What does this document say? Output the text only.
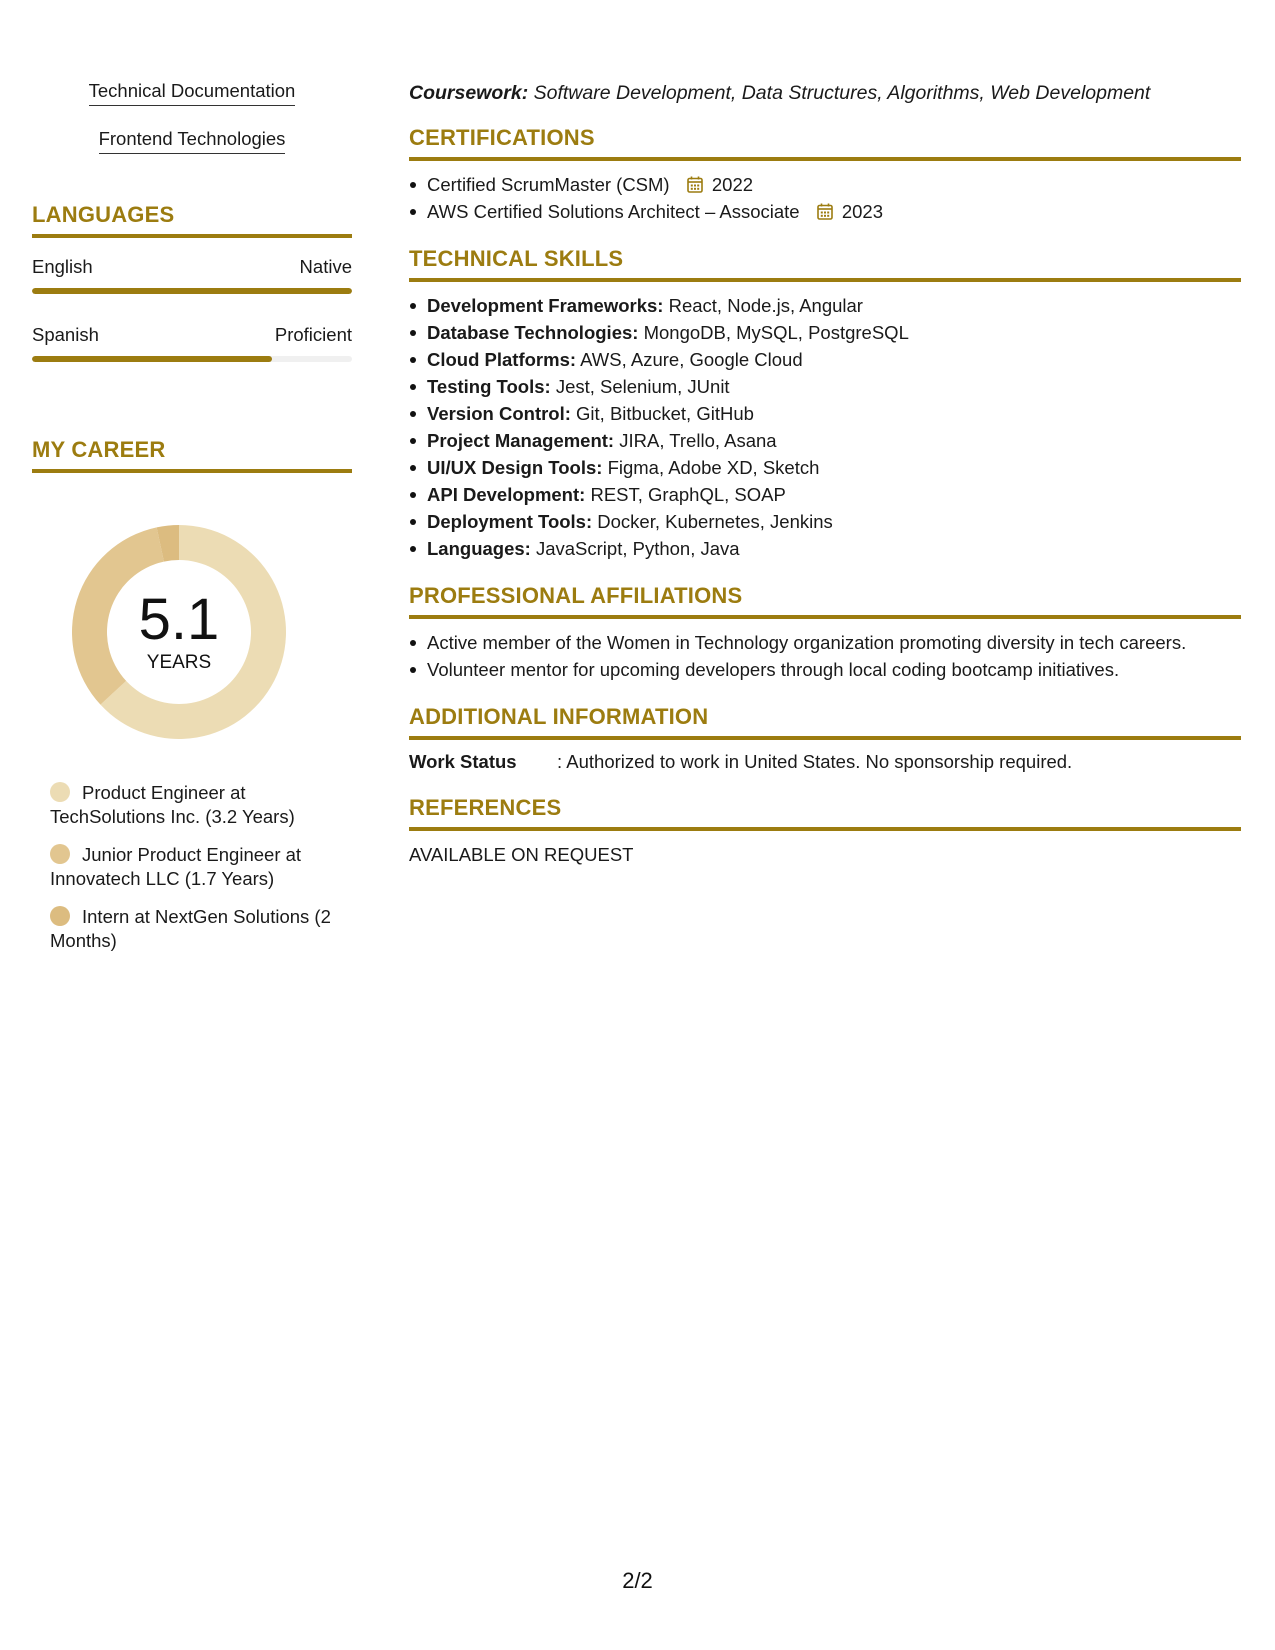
Technical Documentation
Frontend Technologies
LANGUAGES
English	Native
Spanish	Proficient
MY CAREER
5.1
YEARS
Product Engineer at TechSolutions Inc. (3.2 Years)
Junior Product Engineer at Innovatech LLC (1.7 Years)
Intern at NextGen Solutions (2 Months)
Coursework: Software Development, Data Structures, Algorithms, Web Development
CERTIFICATIONS
Certified ScrumMaster (CSM) 2022
AWS Certified Solutions Architect – Associate 2023
TECHNICAL SKILLS
Development Frameworks: React, Node.js, Angular
Database Technologies: MongoDB, MySQL, PostgreSQL
Cloud Platforms: AWS, Azure, Google Cloud
Testing Tools: Jest, Selenium, JUnit
Version Control: Git, Bitbucket, GitHub
Project Management: JIRA, Trello, Asana
UI/UX Design Tools: Figma, Adobe XD, Sketch
API Development: REST, GraphQL, SOAP
Deployment Tools: Docker, Kubernetes, Jenkins
Languages: JavaScript, Python, Java
PROFESSIONAL AFFILIATIONS
Active member of the Women in Technology organization promoting diversity in tech careers.
Volunteer mentor for upcoming developers through local coding bootcamp initiatives.
ADDITIONAL INFORMATION
Work Status	: Authorized to work in United States. No sponsorship required.
REFERENCES
AVAILABLE ON REQUEST
2/2
